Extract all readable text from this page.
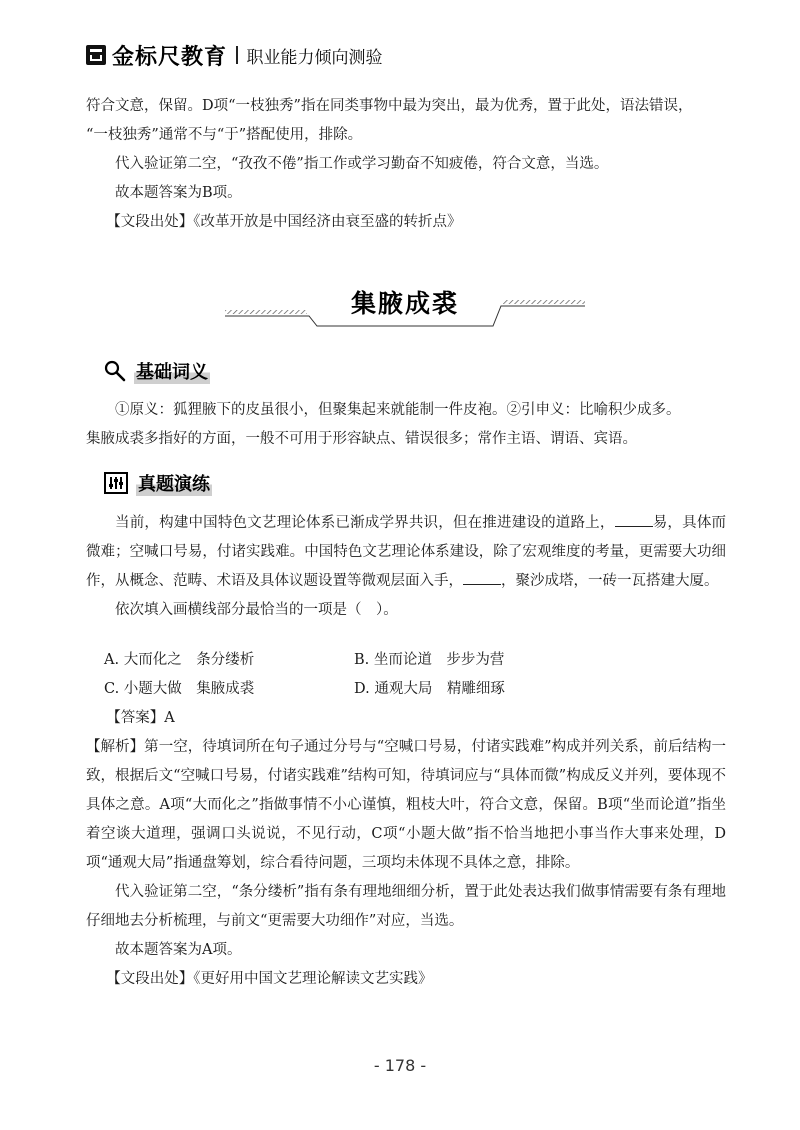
金标尺教育 职业能力倾向测验

符合文意，保留。D项“一枝独秀”指在同类事物中最为突出，最为优秀，置于此处，语法错误，

“一枝独秀”通常不与“于”搭配使用，排除。

代入验证第二空，“孜孜不倦”指工作或学习勤奋不知疲倦，符合文意，当选。

故本题答案为B项。

【文段出处】《改革开放是中国经济由衰至盛的转折点》

集腋成裘
基础词义

①原义：狐狸腋下的皮虽很小，但聚集起来就能制一件皮袍。②引申义：比喻积少成多。

集腋成裘多指好的方面，一般不可用于形容缺点、错误很多；常作主语、谓语、宾语。

真题演练

当前，构建中国特色文艺理论体系已渐成学界共识，但在推进建设的道路上，	易，具体而微难；空喊口号易，付诸实践难。中国特色文艺理论体系建设，除了宏观维度的考量，更需要大功细作，从概念、范畴、术语及具体议题设置等微观层面入手，	，聚沙成塔，一砖一瓦搭建大厦。

依次填入画横线部分最恰当的一项是（　）。

A. 大而化之　条分缕析	B. 坐而论道　步步为营
C. 小题大做　集腋成裘	D. 通观大局　精雕细琢

【答案】A

【解析】第一空，待填词所在句子通过分号与“空喊口号易，付诸实践难”构成并列关系，前后结构一致，根据后文“空喊口号易，付诸实践难”结构可知，待填词应与“具体而微”构成反义并列，要体现不具体之意。A项“大而化之”指做事情不小心谨慎，粗枝大叶，符合文意，保留。B项“坐而论道”指坐着空谈大道理，强调口头说说，不见行动，C项“小题大做”指不恰当地把小事当作大事来处理，D项“通观大局”指通盘筹划，综合看待问题，三项均未体现不具体之意，排除。

代入验证第二空，“条分缕析”指有条有理地细细分析，置于此处表达我们做事情需要有条有理地仔细地去分析梳理，与前文“更需要大功细作”对应，当选。

故本题答案为A项。

【文段出处】《更好用中国文艺理论解读文艺实践》

- 178 -
